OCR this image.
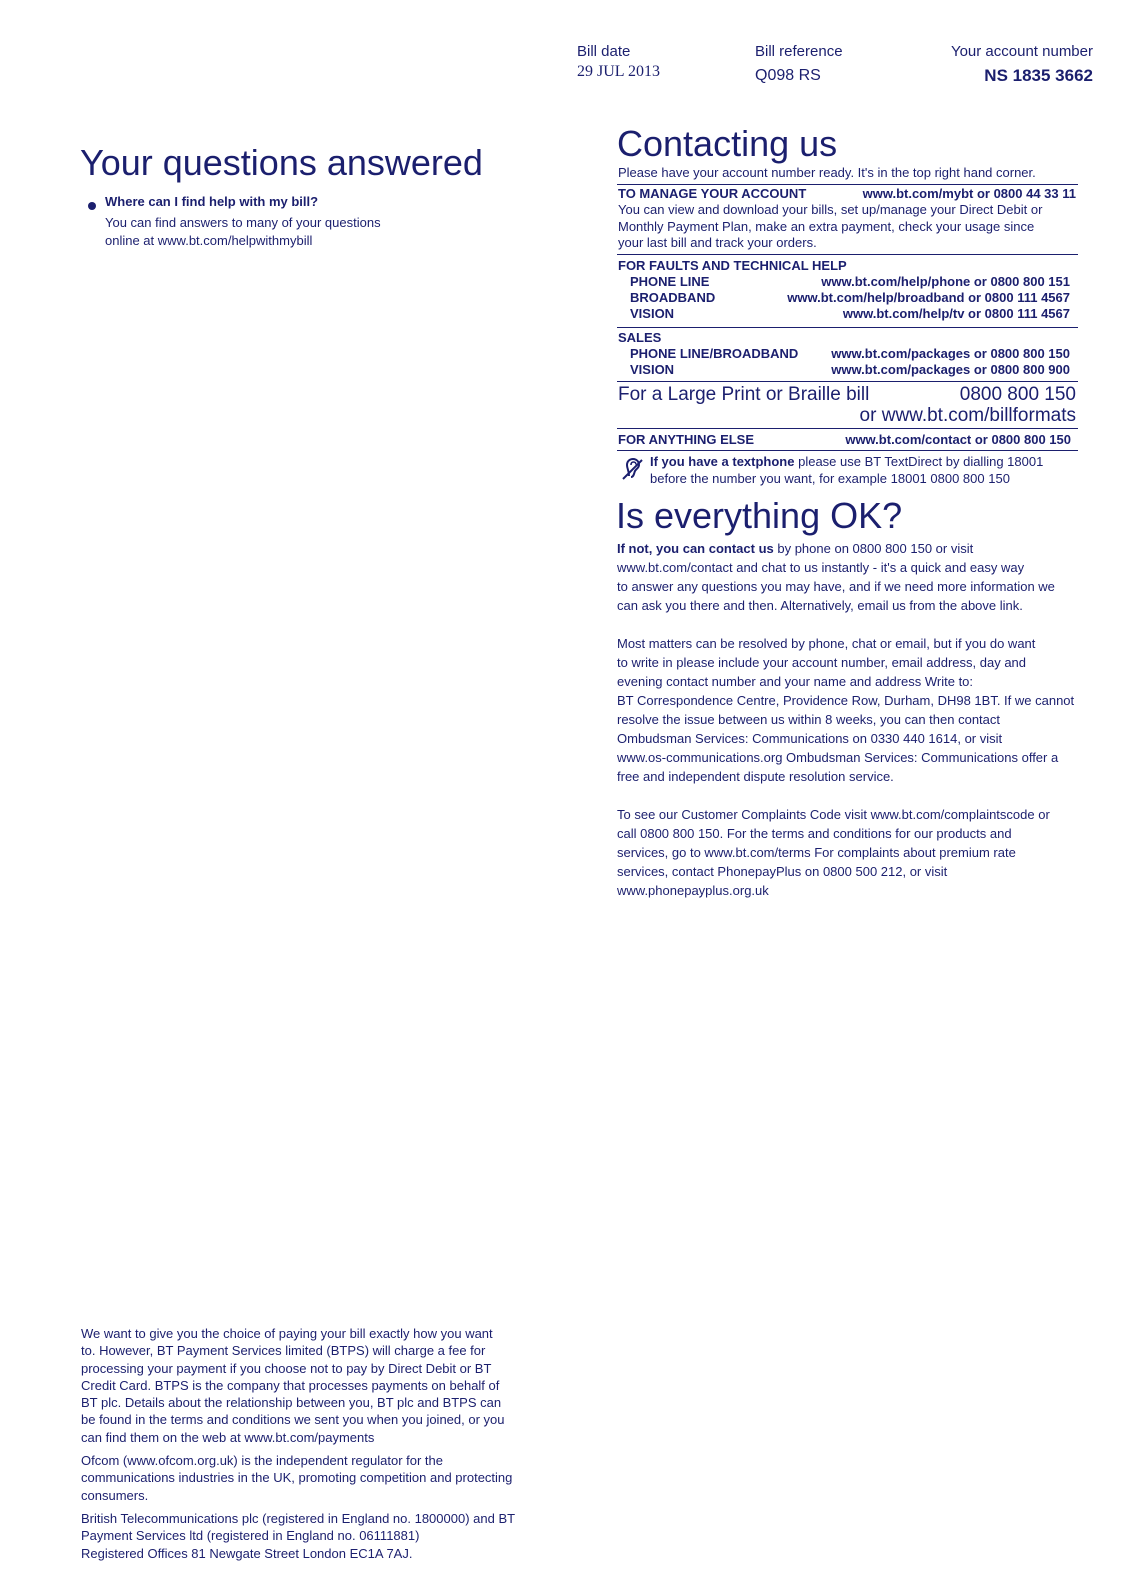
Bill date
29 JUL 2013
Bill reference
Q098 RS
Your account number
NS 1835 3662
Your questions answered
Where can I find help with my bill?
You can find answers to many of your questions
online at www.bt.com/helpwithmybill
Contacting us
Please have your account number ready. It's in the top right hand corner.
TO MANAGE YOUR ACCOUNT	www.bt.com/mybt or 0800 44 33 11
You can view and download your bills, set up/manage your Direct Debit or
Monthly Payment Plan, make an extra payment, check your usage since
your last bill and track your orders.
FOR FAULTS AND TECHNICAL HELP
PHONE LINE	www.bt.com/help/phone or 0800 800 151
BROADBAND	www.bt.com/help/broadband or 0800 111 4567
VISION	www.bt.com/help/tv or 0800 111 4567
SALES
PHONE LINE/BROADBAND	www.bt.com/packages or 0800 800 150
VISION	www.bt.com/packages or 0800 800 900
For a Large Print or Braille bill	0800 800 150
or www.bt.com/billformats
FOR ANYTHING ELSE	www.bt.com/contact or 0800 800 150
If you have a textphone please use BT TextDirect by dialling 18001
before the number you want, for example 18001 0800 800 150
Is everything OK?

If not, you can contact us by phone on 0800 800 150 or visit
www.bt.com/contact and chat to us instantly - it's a quick and easy way
to answer any questions you may have, and if we need more information we
can ask you there and then. Alternatively, email us from the above link.

Most matters can be resolved by phone, chat or email, but if you do want
to write in please include your account number, email address, day and
evening contact number and your name and address Write to:
BT Correspondence Centre, Providence Row, Durham, DH98 1BT. If we cannot
resolve the issue between us within 8 weeks, you can then contact
Ombudsman Services: Communications on 0330 440 1614, or visit
www.os-communications.org Ombudsman Services: Communications offer a
free and independent dispute resolution service.

To see our Customer Complaints Code visit www.bt.com/complaintscode or
call 0800 800 150. For the terms and conditions for our products and
services, go to www.bt.com/terms For complaints about premium rate
services, contact PhonepayPlus on 0800 500 212, or visit
www.phonepayplus.org.uk

We want to give you the choice of paying your bill exactly how you want
to. However, BT Payment Services limited (BTPS) will charge a fee for
processing your payment if you choose not to pay by Direct Debit or BT
Credit Card. BTPS is the company that processes payments on behalf of
BT plc. Details about the relationship between you, BT plc and BTPS can
be found in the terms and conditions we sent you when you joined, or you
can find them on the web at www.bt.com/payments

Ofcom (www.ofcom.org.uk) is the independent regulator for the
communications industries in the UK, promoting competition and protecting
consumers.

British Telecommunications plc (registered in England no. 1800000) and BT
Payment Services ltd (registered in England no. 06111881)
Registered Offices 81 Newgate Street London EC1A 7AJ.
